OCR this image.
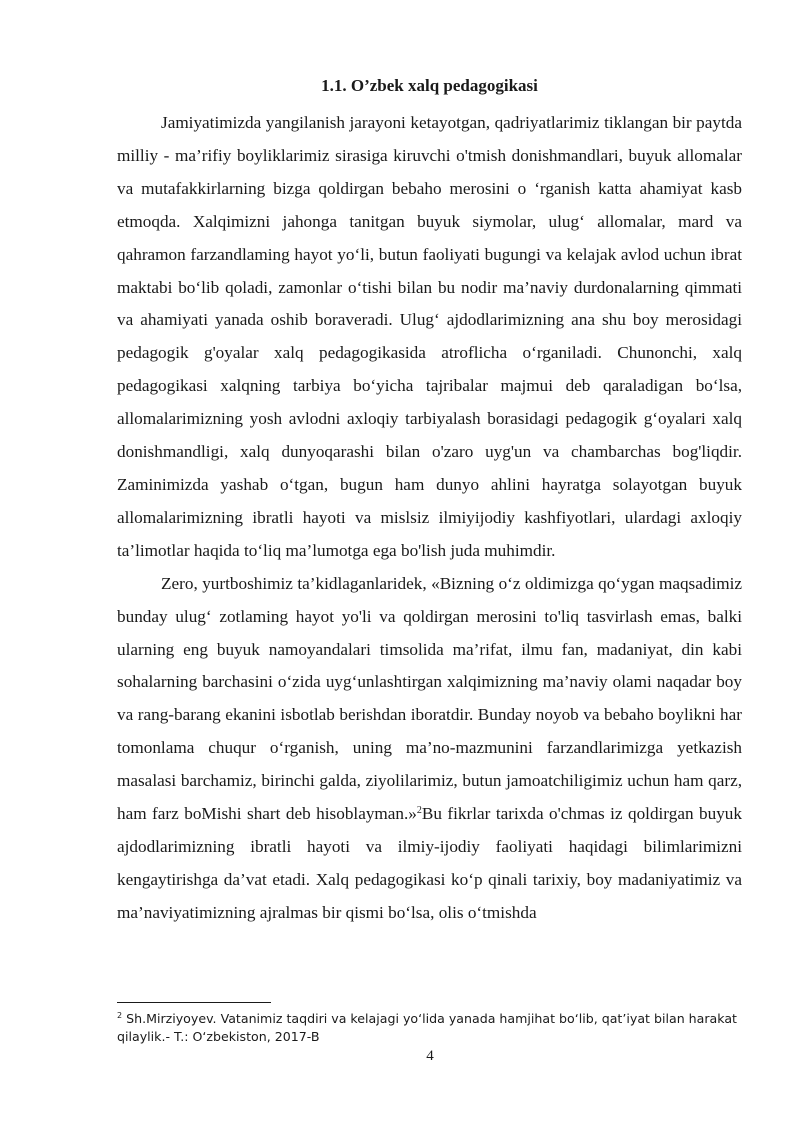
1.1. O’zbek xalq pedagogikasi

Jamiyatimizda yangilanish jarayoni ketayotgan, qadriyatlarimiz tiklangan bir paytda milliy - ma’rifiy boyliklarimiz sirasiga kiruvchi o'tmish donishmandlari, buyuk allomalar va mutafakkirlarning bizga qoldirgan bebaho merosini o ‘rganish katta ahamiyat kasb etmoqda. Xalqimizni jahonga tanitgan buyuk siymolar, ulug‘ allomalar, mard va qahramon farzandlaming hayot yo‘li, butun faoliyati bugungi va kelajak avlod uchun ibrat maktabi bo‘lib qoladi, zamonlar o‘tishi bilan bu nodir ma’naviy durdonalarning qimmati va ahamiyati yanada oshib boraveradi. Ulug‘ ajdodlarimizning ana shu boy merosidagi pedagogik g'oyalar xalq pedagogikasida atroflicha o‘rganiladi. Chunonchi, xalq pedagogikasi xalqning tarbiya bo‘yicha tajribalar majmui deb qaraladigan bo‘lsa, allomalarimizning yosh avlodni axloqiy tarbiyalash borasidagi pedagogik g‘oyalari xalq donishmandligi, xalq dunyoqarashi bilan o'zaro uyg'un va chambarchas bog'liqdir. Zaminimizda yashab o‘tgan, bugun ham dunyo ahlini hayratga solayotgan buyuk allomalarimizning ibratli hayoti va mislsiz ilmiyijodiy kashfiyotlari, ulardagi axloqiy ta’limotlar haqida to‘liq ma’lumotga ega bo'lish juda muhimdir.

Zero, yurtboshimiz ta’kidlaganlaridek, «Bizning o‘z oldimizga qo‘ygan maqsadimiz bunday ulug‘ zotlaming hayot yo'li va qoldirgan merosini to'liq tasvirlash emas, balki ularning eng buyuk namoyandalari timsolida ma’rifat, ilmu fan, madaniyat, din kabi sohalarning barchasini o‘zida uyg‘unlashtirgan xalqimizning ma’naviy olami naqadar boy va rang-barang ekanini isbotlab berishdan iboratdir. Bunday noyob va bebaho boylikni har tomonlama chuqur o‘rganish, uning ma’no-mazmunini farzandlarimizga yetkazish masalasi barchamiz, birinchi galda, ziyolilarimiz, butun jamoatchiligimiz uchun ham qarz, ham farz boMishi shart deb hisoblayman.»$^2$Bu fikrlar tarixda o'chmas iz qoldirgan buyuk ajdodlarimizning ibratli hayoti va ilmiy-ijodiy faoliyati haqidagi bilimlarimizni kengaytirishga da’vat etadi. Xalq pedagogikasi ko‘p qinali tarixiy, boy madaniyatimiz va ma’naviyatimizning ajralmas bir qismi bo‘lsa, olis o‘tmishda

$^2$ Sh.Mirziyoyev. Vatanimiz taqdiri va kelajagi yo‘lida yanada hamjihat bo‘lib, qat’iyat bilan harakat qilaylik.- T.: O‘zbekiston, 2017-B

4
